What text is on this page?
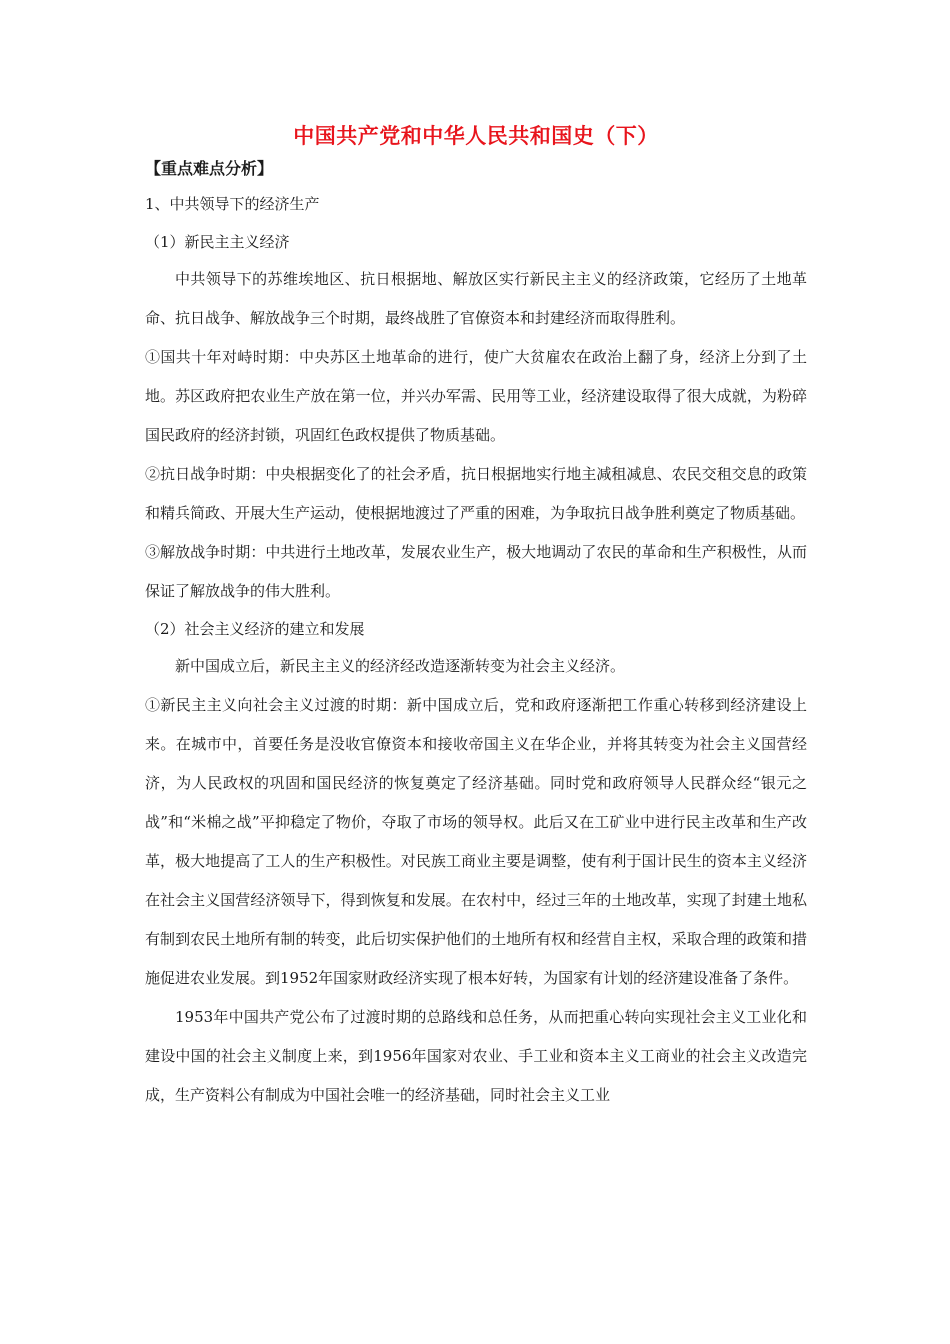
中国共产党和中华人民共和国史（下）

【重点难点分析】

1、中共领导下的经济生产

（1）新民主主义经济

中共领导下的苏维埃地区、抗日根据地、解放区实行新民主主义的经济政策，它经历了土地革命、抗日战争、解放战争三个时期，最终战胜了官僚资本和封建经济而取得胜利。

①国共十年对峙时期：中央苏区土地革命的进行，使广大贫雇农在政治上翻了身，经济上分到了土地。苏区政府把农业生产放在第一位，并兴办军需、民用等工业，经济建设取得了很大成就，为粉碎国民政府的经济封锁，巩固红色政权提供了物质基础。

②抗日战争时期：中央根据变化了的社会矛盾，抗日根据地实行地主减租减息、农民交租交息的政策和精兵简政、开展大生产运动，使根据地渡过了严重的困难，为争取抗日战争胜利奠定了物质基础。

③解放战争时期：中共进行土地改革，发展农业生产，极大地调动了农民的革命和生产积极性，从而保证了解放战争的伟大胜利。

（2）社会主义经济的建立和发展

新中国成立后，新民主主义的经济经改造逐渐转变为社会主义经济。

①新民主主义向社会主义过渡的时期：新中国成立后，党和政府逐渐把工作重心转移到经济建设上来。在城市中，首要任务是没收官僚资本和接收帝国主义在华企业，并将其转变为社会主义国营经济，为人民政权的巩固和国民经济的恢复奠定了经济基础。同时党和政府领导人民群众经“银元之战”和“米棉之战”平抑稳定了物价，夺取了市场的领导权。此后又在工矿业中进行民主改革和生产改革，极大地提高了工人的生产积极性。对民族工商业主要是调整，使有利于国计民生的资本主义经济在社会主义国营经济领导下，得到恢复和发展。在农村中，经过三年的土地改革，实现了封建土地私有制到农民土地所有制的转变，此后切实保护他们的土地所有权和经营自主权，采取合理的政策和措施促进农业发展。到1952年国家财政经济实现了根本好转，为国家有计划的经济建设准备了条件。

1953年中国共产党公布了过渡时期的总路线和总任务，从而把重心转向实现社会主义工业化和建设中国的社会主义制度上来，到1956年国家对农业、手工业和资本主义工商业的社会主义改造完成，生产资料公有制成为中国社会唯一的经济基础，同时社会主义工业
